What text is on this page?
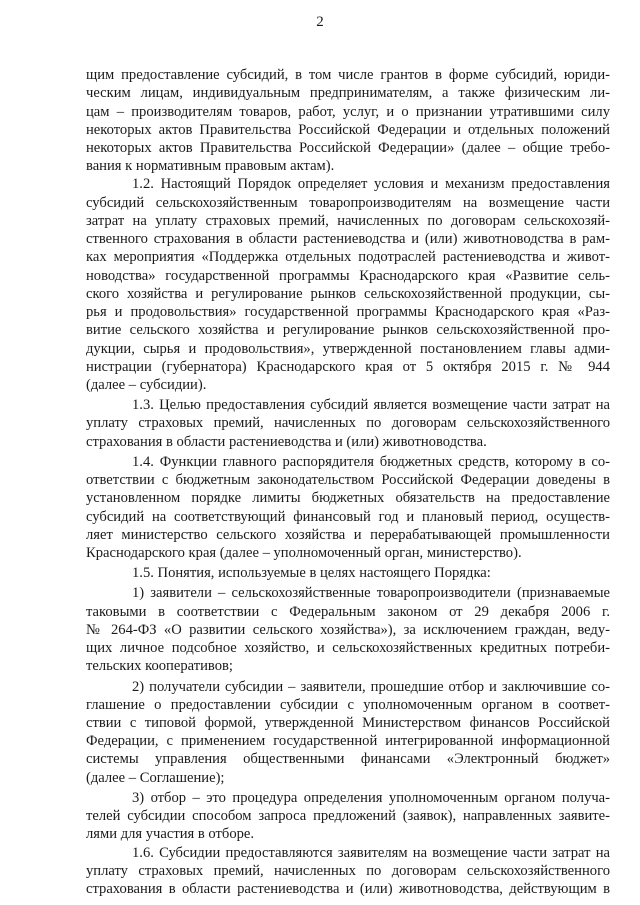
2
щим предоставление субсидий, в том числе грантов в форме субсидий, юриди-
ческим лицам, индивидуальным предпринимателям, а также физическим ли-
цам – производителям товаров, работ, услуг, и о признании утратившими силу
некоторых актов Правительства Российской Федерации и отдельных положений
некоторых актов Правительства Российской Федерации» (далее – общие требо-
вания к нормативным правовым актам).
1.2. Настоящий Порядок определяет условия и механизм предоставления
субсидий сельскохозяйственным товаропроизводителям на возмещение части
затрат на уплату страховых премий, начисленных по договорам сельскохозяй-
ственного страхования в области растениеводства и (или) животноводства в рам-
ках мероприятия «Поддержка отдельных подотраслей растениеводства и живот-
новодства» государственной программы Краснодарского края «Развитие сель-
ского хозяйства и регулирование рынков сельскохозяйственной продукции, сы-
рья и продовольствия» государственной программы Краснодарского края «Раз-
витие сельского хозяйства и регулирование рынков сельскохозяйственной про-
дукции, сырья и продовольствия», утвержденной постановлением главы адми-
нистрации (губернатора) Краснодарского края от 5 октября 2015 г. № 944
(далее – субсидии).
1.3. Целью предоставления субсидий является возмещение части затрат на
уплату страховых премий, начисленных по договорам сельскохозяйственного
страхования в области растениеводства и (или) животноводства.
1.4. Функции главного распорядителя бюджетных средств, которому в со-
ответствии с бюджетным законодательством Российской Федерации доведены в
установленном порядке лимиты бюджетных обязательств на предоставление
субсидий на соответствующий финансовый год и плановый период, осуществ-
ляет министерство сельского хозяйства и перерабатывающей промышленности
Краснодарского края (далее – уполномоченный орган, министерство).
1.5. Понятия, используемые в целях настоящего Порядка:
1) заявители – сельскохозяйственные товаропроизводители (признаваемые
таковыми в соответствии с Федеральным законом от 29 декабря 2006 г.
№ 264-ФЗ «О развитии сельского хозяйства»), за исключением граждан, веду-
щих личное подсобное хозяйство, и сельскохозяйственных кредитных потреби-
тельских кооперативов;
2) получатели субсидии – заявители, прошедшие отбор и заключившие со-
глашение о предоставлении субсидии с уполномоченным органом в соответ-
ствии с типовой формой, утвержденной Министерством финансов Российской
Федерации, с применением государственной интегрированной информационной
системы управления общественными финансами «Электронный бюджет»
(далее – Соглашение);
3) отбор – это процедура определения уполномоченным органом получа-
телей субсидии способом запроса предложений (заявок), направленных заявите-
лями для участия в отборе.
1.6. Субсидии предоставляются заявителям на возмещение части затрат на
уплату страховых премий, начисленных по договорам сельскохозяйственного
страхования в области растениеводства и (или) животноводства, действующим в
